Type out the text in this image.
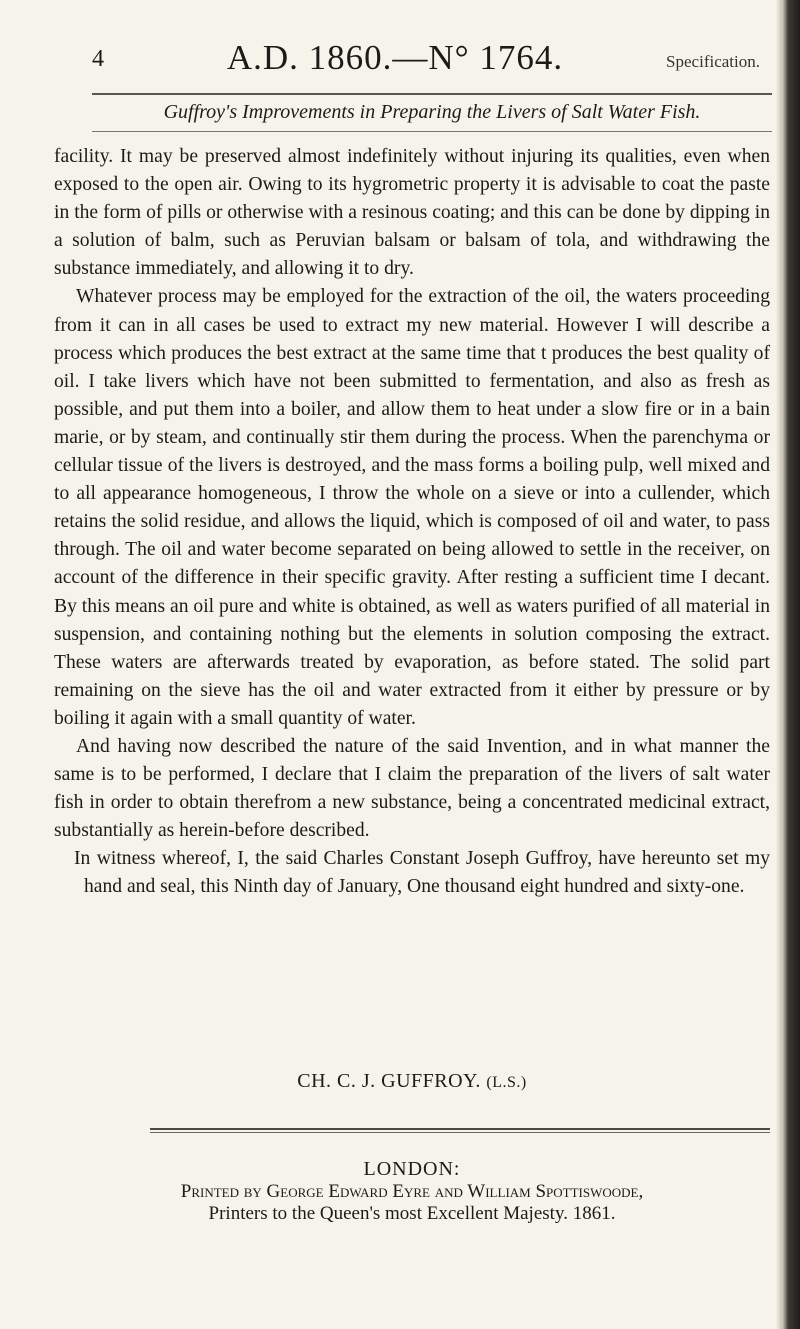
4	A.D. 1860.—N° 1764.	Specification.
Guffroy's Improvements in Preparing the Livers of Salt Water Fish.

facility. It may be preserved almost indefinitely without injuring its qualities, even when exposed to the open air. Owing to its hygrometric property it is advisable to coat the paste in the form of pills or otherwise with a resinous coating; and this can be done by dipping in a solution of balm, such as Peruvian balsam or balsam of tola, and withdrawing the substance immediately, and allowing it to dry.

Whatever process may be employed for the extraction of the oil, the waters proceeding from it can in all cases be used to extract my new material. However I will describe a process which produces the best extract at the same time that t produces the best quality of oil. I take livers which have not been submitted to fermentation, and also as fresh as possible, and put them into a boiler, and allow them to heat under a slow fire or in a bain marie, or by steam, and continually stir them during the process. When the parenchyma or cellular tissue of the livers is destroyed, and the mass forms a boiling pulp, well mixed and to all appearance homogeneous, I throw the whole on a sieve or into a cullender, which retains the solid residue, and allows the liquid, which is composed of oil and water, to pass through. The oil and water become separated on being allowed to settle in the receiver, on account of the difference in their specific gravity. After resting a sufficient time I decant. By this means an oil pure and white is obtained, as well as waters purified of all material in suspension, and containing nothing but the elements in solution composing the extract. These waters are afterwards treated by evaporation, as before stated. The solid part remaining on the sieve has the oil and water extracted from it either by pressure or by boiling it again with a small quantity of water.

And having now described the nature of the said Invention, and in what manner the same is to be performed, I declare that I claim the preparation of the livers of salt water fish in order to obtain therefrom a new substance, being a concentrated medicinal extract, substantially as herein-before described.

In witness whereof, I, the said Charles Constant Joseph Guffroy, have hereunto set my hand and seal, this Ninth day of January, One thousand eight hundred and sixty-one.

CH. C. J. GUFFROY. (L.S.)
LONDON:
Printed by George Edward Eyre and William Spottiswoode,
Printers to the Queen's most Excellent Majesty. 1861.
